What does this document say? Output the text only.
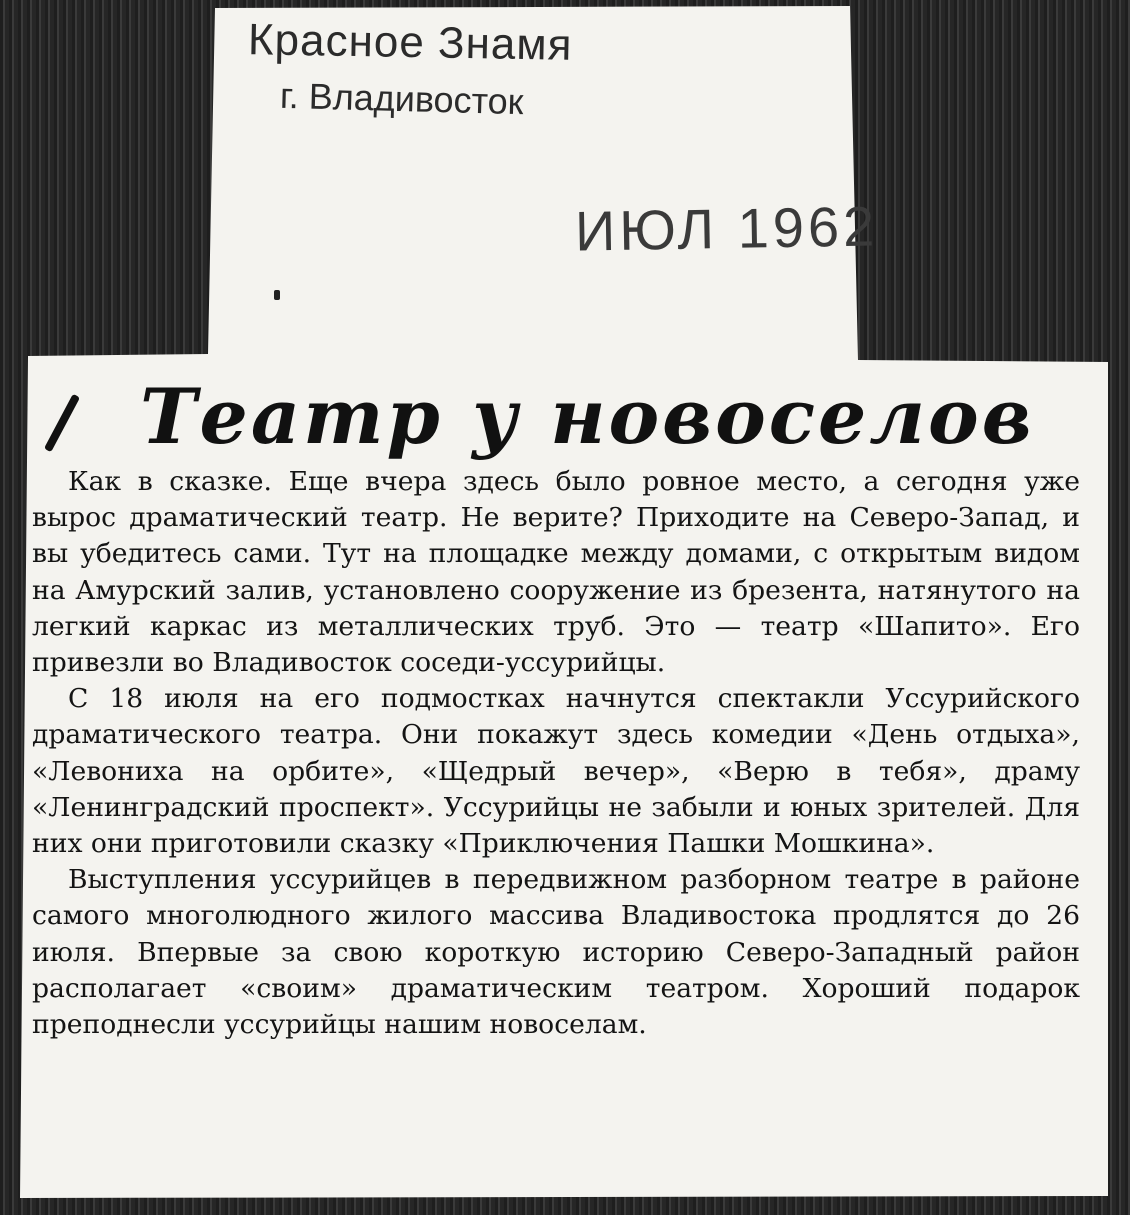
Красное Знамя
г. Владивосток
ИЮЛ 1962
Театр у новоселов

Как в сказке. Еще вчера здесь было ровное место, а сегодня уже вырос драматический театр. Не верите? Приходите на Северо-Запад, и вы убедитесь сами. Тут на площадке между домами, с открытым видом на Амурский залив, установлено сооружение из брезента, натянутого на легкий каркас из металлических труб. Это — театр «Шапито». Его привезли во Владивосток соседи-уссурийцы.

С 18 июля на его подмостках начнутся спектакли Уссурийского драматического театра. Они покажут здесь комедии «День отдыха», «Левониха на орбите», «Щедрый вечер», «Верю в тебя», драму «Ленинградский проспект». Уссурийцы не забыли и юных зрителей. Для них они приготовили сказку «Приключения Пашки Мошкина».

Выступления уссурийцев в передвижном разборном театре в районе самого многолюдного жилого массива Владивостока продлятся до 26 июля. Впервые за свою короткую историю Северо-Западный район располагает «своим» драматическим театром. Хороший подарок преподнесли уссурийцы нашим новоселам.
